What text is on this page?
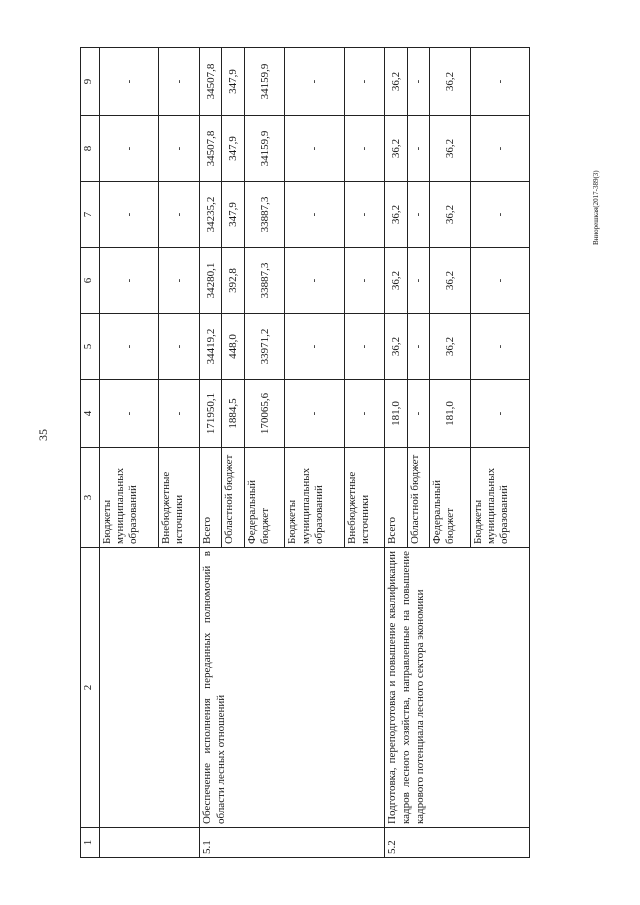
35
Вниорешкая(2017-389(3)
1	2	3	4	5	6	7	8	9
		Бюджеты муниципальных образований	-	-	-	-	-	-
		Внебюджетные источники	-	-	-	-	-	-
5.1	Обеспечение исполнения переданных полномочий в области лесных отношений	Всего	171950,1	34419,2	34280,1	34235,2	34507,8	34507,8
		Областной бюджет	1884,5	448,0	392,8	347,9	347,9	347,9
		Федеральный бюджет	170065,6	33971,2	33887,3	33887,3	34159,9	34159,9
		Бюджеты муниципальных образований	-	-	-	-	-	-
		Внебюджетные источники	-	-	-	-	-	-
5.2	Подготовка, переподготовка и повышение квалификации кадров лесного хозяйства, направленные на повышение кадрового потенциала лесного сектора экономики	Всего	181,0	36,2	36,2	36,2	36,2	36,2
		Областной бюджет	-	-	-	-	-	-
		Федеральный бюджет	181,0	36,2	36,2	36,2	36,2	36,2
		Бюджеты муниципальных образований	-	-	-	-	-	-
